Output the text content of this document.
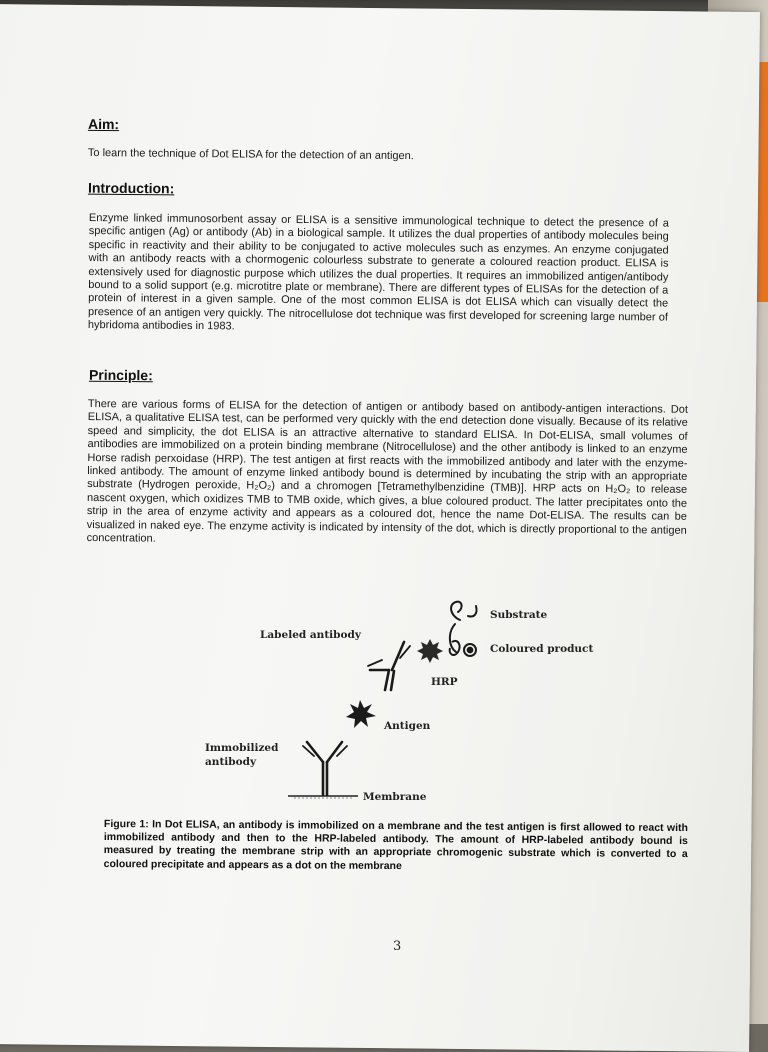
Aim:

To learn the technique of Dot ELISA for the detection of an antigen.

Introduction:

Enzyme linked immunosorbent assay or ELISA is a sensitive immunological technique to detect the presence of a specific antigen (Ag) or antibody (Ab) in a biological sample. It utilizes the dual properties of antibody molecules being specific in reactivity and their ability to be conjugated to active molecules such as enzymes. An enzyme conjugated with an antibody reacts with a chormogenic colourless substrate to generate a coloured reaction product. ELISA is extensively used for diagnostic purpose which utilizes the dual properties. It requires an immobilized antigen/antibody bound to a solid support (e.g. microtitre plate or membrane). There are different types of ELISAs for the detection of a protein of interest in a given sample. One of the most common ELISA is dot ELISA which can visually detect the presence of an antigen very quickly. The nitrocellulose dot technique was first developed for screening large number of hybridoma antibodies in 1983.

Principle:

There are various forms of ELISA for the detection of antigen or antibody based on antibody-antigen interactions. Dot ELISA, a qualitative ELISA test, can be performed very quickly with the end detection done visually. Because of its relative speed and simplicity, the dot ELISA is an attractive alternative to standard ELISA. In Dot-ELISA, small volumes of antibodies are immobilized on a protein binding membrane (Nitrocellulose) and the other antibody is linked to an enzyme Horse radish perxoidase (HRP). The test antigen at first reacts with the immobilized antibody and later with the enzyme-linked antibody. The amount of enzyme linked antibody bound is determined by incubating the strip with an appropriate substrate (Hydrogen peroxide, H₂O₂) and a chromogen [Tetramethylbenzidine (TMB)]. HRP acts on H₂O₂ to release nascent oxygen, which oxidizes TMB to TMB oxide, which gives, a blue coloured product. The latter precipitates onto the strip in the area of enzyme activity and appears as a coloured dot, hence the name Dot-ELISA. The results can be visualized in naked eye. The enzyme activity is indicated by intensity of the dot, which is directly proportional to the antigen concentration.

Substrate
Coloured product
Labeled antibody
HRP
Antigen
Immobilized antibody
Membrane

Figure 1: In Dot ELISA, an antibody is immobilized on a membrane and the test antigen is first allowed to react with immobilized antibody and then to the HRP-labeled antibody. The amount of HRP-labeled antibody bound is measured by treating the membrane strip with an appropriate chromogenic substrate which is converted to a coloured precipitate and appears as a dot on the membrane

3
